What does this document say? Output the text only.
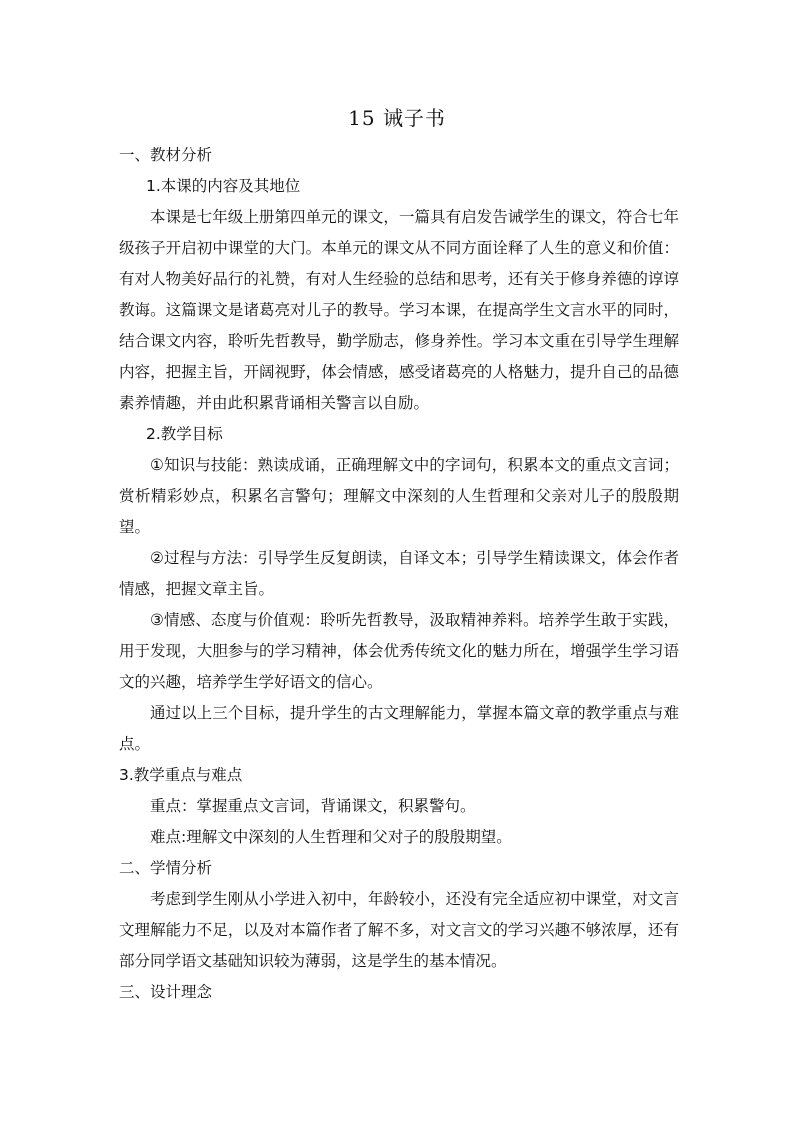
15 诫子书

一、教材分析

1.本课的内容及其地位

本课是七年级上册第四单元的课文，一篇具有启发告诫学生的课文，符合七年级孩子开启初中课堂的大门。本单元的课文从不同方面诠释了人生的意义和价值：有对人物美好品行的礼赞，有对人生经验的总结和思考，还有关于修身养德的谆谆教诲。这篇课文是诸葛亮对儿子的教导。学习本课，在提高学生文言水平的同时，结合课文内容，聆听先哲教导，勤学励志，修身养性。学习本文重在引导学生理解内容，把握主旨，开阔视野，体会情感，感受诸葛亮的人格魅力，提升自己的品德素养情趣，并由此积累背诵相关警言以自励。

2.教学目标

①知识与技能：熟读成诵，正确理解文中的字词句，积累本文的重点文言词；赏析精彩妙点，积累名言警句；理解文中深刻的人生哲理和父亲对儿子的殷殷期望。

②过程与方法：引导学生反复朗读，自译文本；引导学生精读课文，体会作者情感，把握文章主旨。

③情感、态度与价值观：聆听先哲教导，汲取精神养料。培养学生敢于实践，用于发现，大胆参与的学习精神，体会优秀传统文化的魅力所在，增强学生学习语文的兴趣，培养学生学好语文的信心。

通过以上三个目标，提升学生的古文理解能力，掌握本篇文章的教学重点与难点。

3.教学重点与难点

重点：掌握重点文言词，背诵课文，积累警句。

难点:理解文中深刻的人生哲理和父对子的殷殷期望。

二、学情分析

考虑到学生刚从小学进入初中，年龄较小，还没有完全适应初中课堂，对文言文理解能力不足，以及对本篇作者了解不多，对文言文的学习兴趣不够浓厚，还有部分同学语文基础知识较为薄弱，这是学生的基本情况。

三、设计理念
